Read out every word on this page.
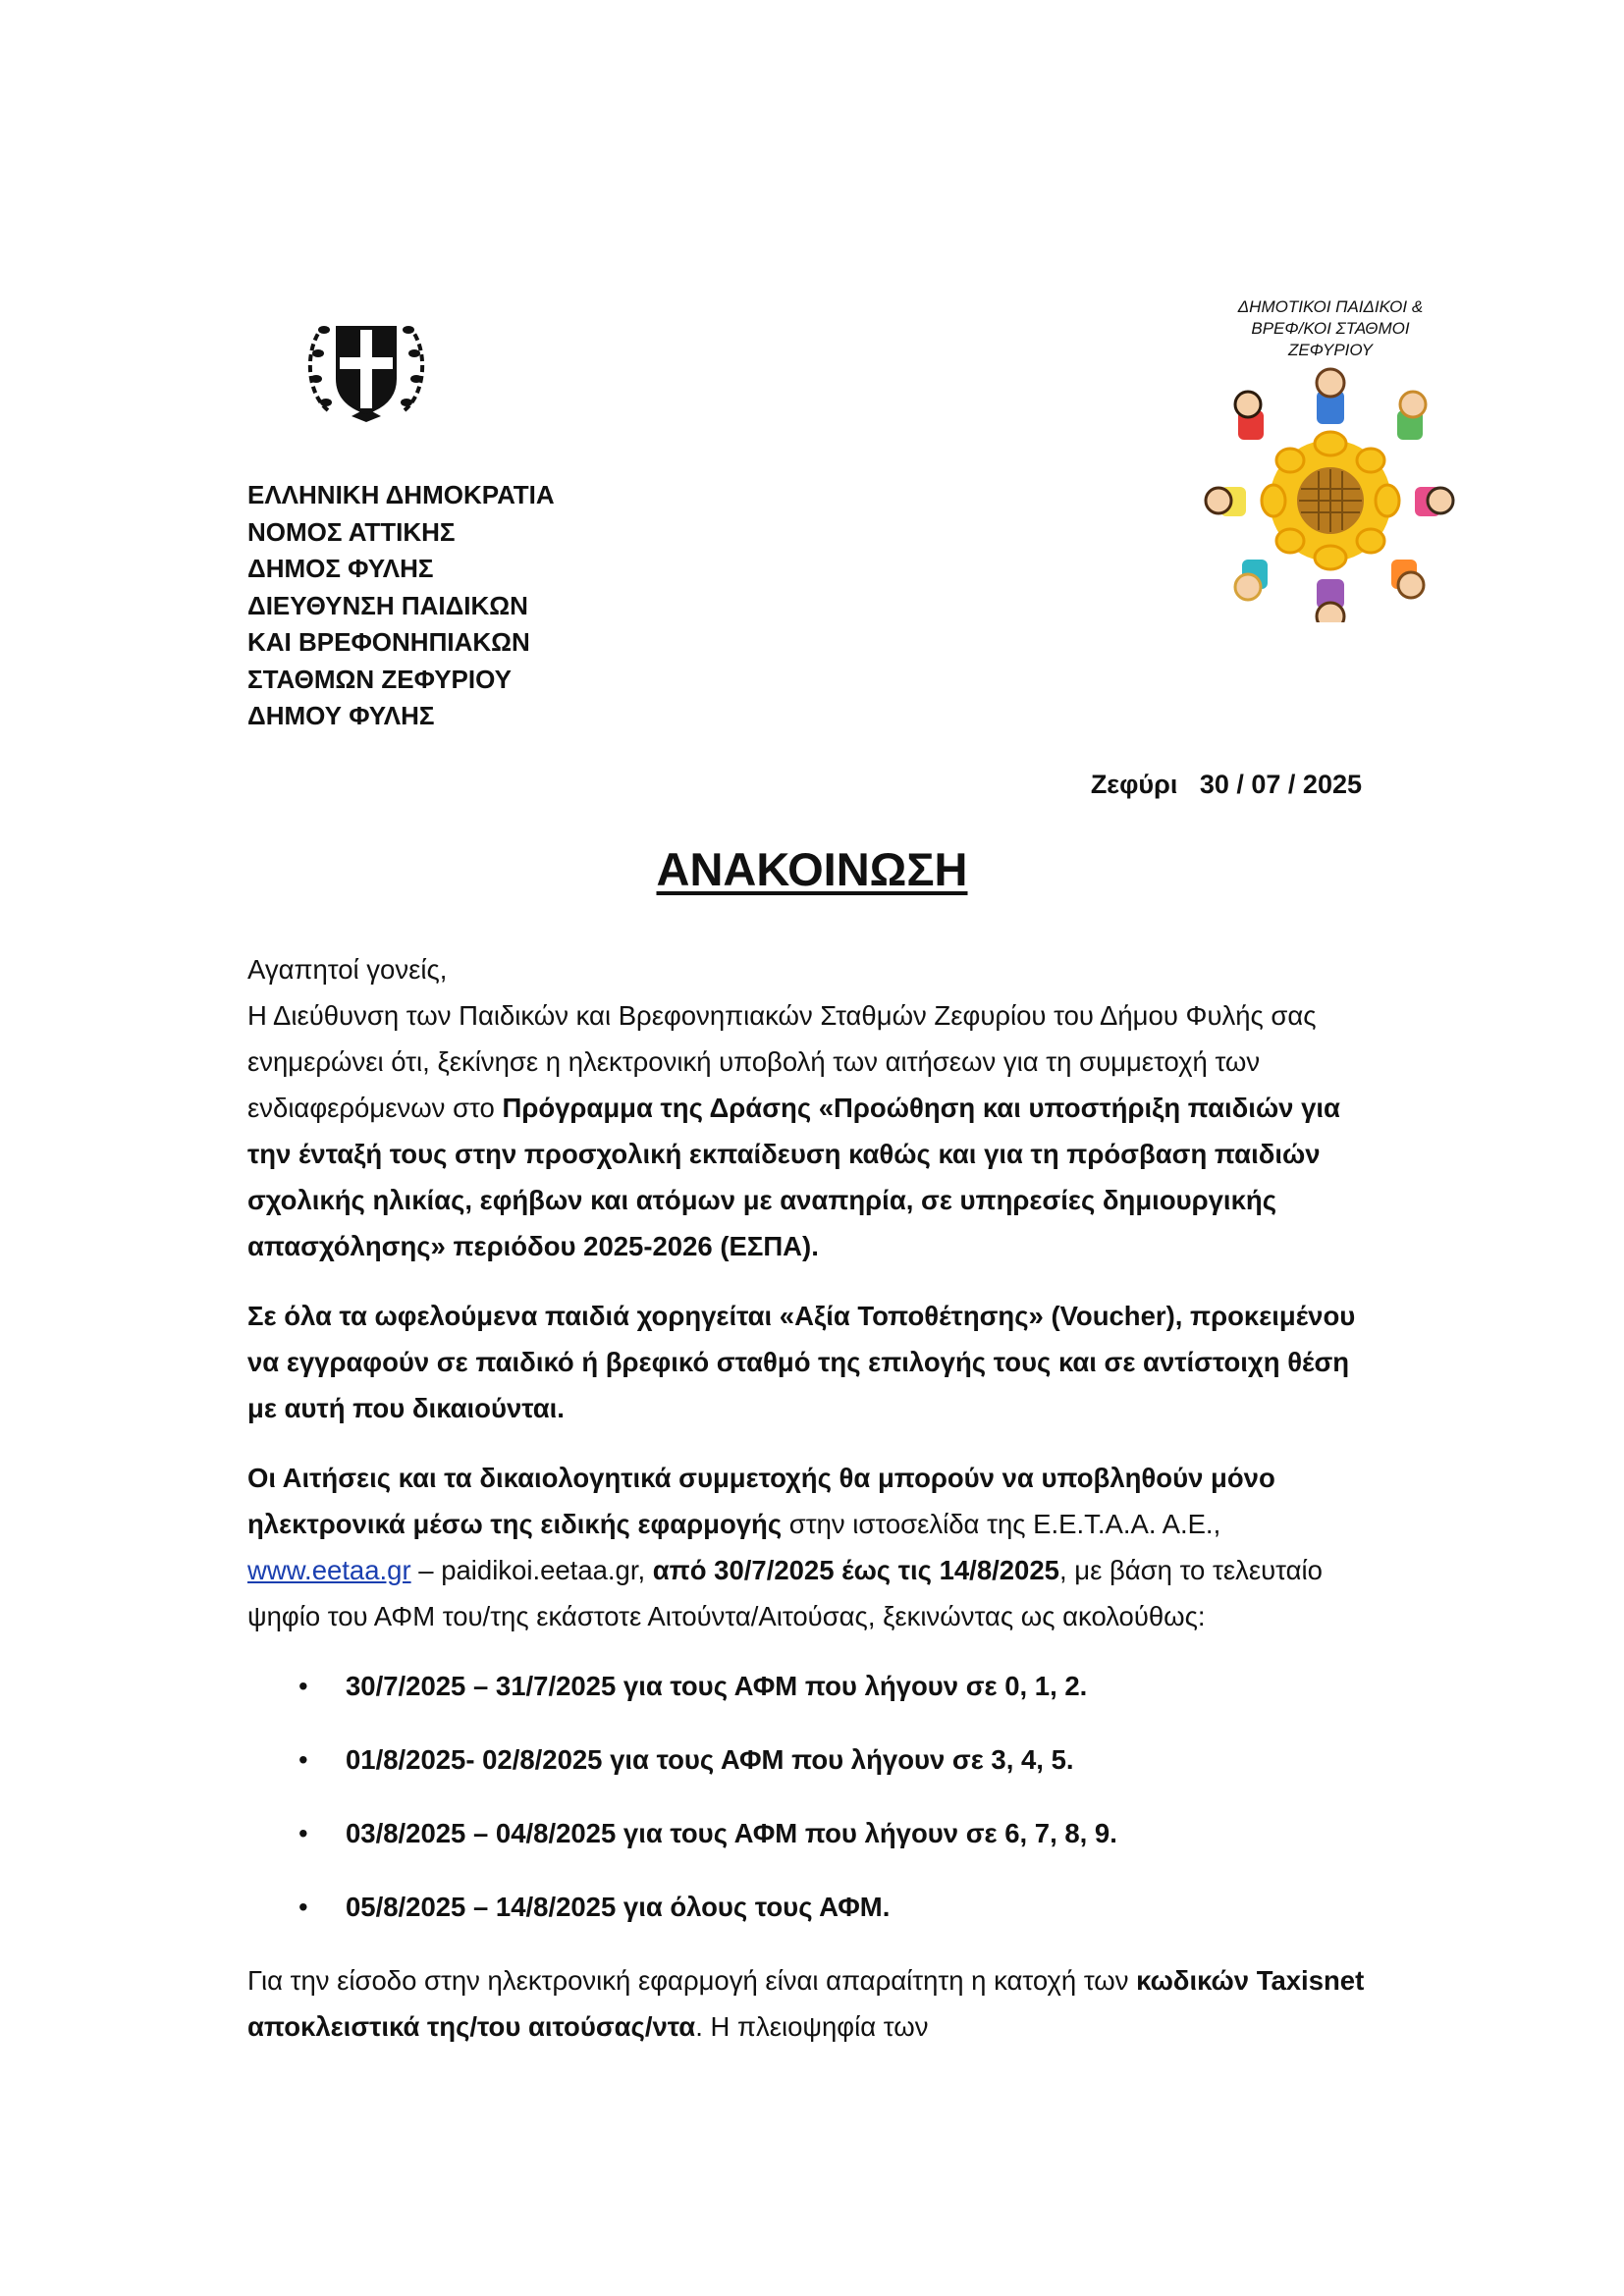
ΕΛΛΗΝΙΚΗ ΔΗΜΟΚΡΑΤΙΑ
ΝΟΜΟΣ ΑΤΤΙΚΗΣ
ΔΗΜΟΣ ΦΥΛΗΣ
ΔΙΕΥΘΥΝΣΗ ΠΑΙΔΙΚΩΝ
ΚΑΙ ΒΡΕΦΟΝΗΠΙΑΚΩΝ
ΣΤΑΘΜΩΝ ΖΕΦΥΡΙΟΥ
ΔΗΜΟΥ ΦΥΛΗΣ
ΔΗΜΟΤΙΚΟΙ ΠΑΙΔΙΚΟΙ &
ΒΡΕΦ/ΚΟΙ ΣΤΑΘΜΟΙ
ΖΕΦΥΡΙΟΥ
Ζεφύρι   30 / 07 / 2025
ΑΝΑΚΟΙΝΩΣΗ

Αγαπητοί γονείς,

Η Διεύθυνση των Παιδικών και Βρεφονηπιακών Σταθμών Ζεφυρίου του Δήμου Φυλής σας ενημερώνει ότι, ξεκίνησε η ηλεκτρονική υποβολή των αιτήσεων για τη συμμετοχή των ενδιαφερόμενων στο Πρόγραμμα της Δράσης «Προώθηση και υποστήριξη παιδιών για την ένταξή τους στην προσχολική εκπαίδευση καθώς και για τη πρόσβαση παιδιών σχολικής ηλικίας, εφήβων και ατόμων με αναπηρία, σε υπηρεσίες δημιουργικής απασχόλησης» περιόδου 2025-2026 (ΕΣΠΑ).

Σε όλα τα ωφελούμενα παιδιά χορηγείται «Αξία Τοποθέτησης» (Voucher), προκειμένου να εγγραφούν σε παιδικό ή βρεφικό σταθμό της επιλογής τους και σε αντίστοιχη θέση με αυτή που δικαιούνται.

Οι Αιτήσεις και τα δικαιολογητικά συμμετοχής θα μπορούν να υποβληθούν μόνο ηλεκτρονικά μέσω της ειδικής εφαρμογής στην ιστοσελίδα της Ε.Ε.Τ.Α.Α. Α.Ε., www.eetaa.gr – paidikoi.eetaa.gr, από 30/7/2025 έως τις 14/8/2025, με βάση το τελευταίο ψηφίο του ΑΦΜ του/της εκάστοτε Αιτούντα/Αιτούσας, ξεκινώντας ως ακολούθως:

• 30/7/2025 – 31/7/2025 για τους ΑΦΜ που λήγουν σε 0, 1, 2.
• 01/8/2025- 02/8/2025 για τους ΑΦΜ που λήγουν σε 3, 4, 5.
• 03/8/2025 – 04/8/2025 για τους ΑΦΜ που λήγουν σε 6, 7, 8, 9.
• 05/8/2025 – 14/8/2025 για όλους τους ΑΦΜ.

Για την είσοδο στην ηλεκτρονική εφαρμογή είναι απαραίτητη η κατοχή των κωδικών Taxisnet αποκλειστικά της/του αιτούσας/ντα. Η πλειοψηφία των
